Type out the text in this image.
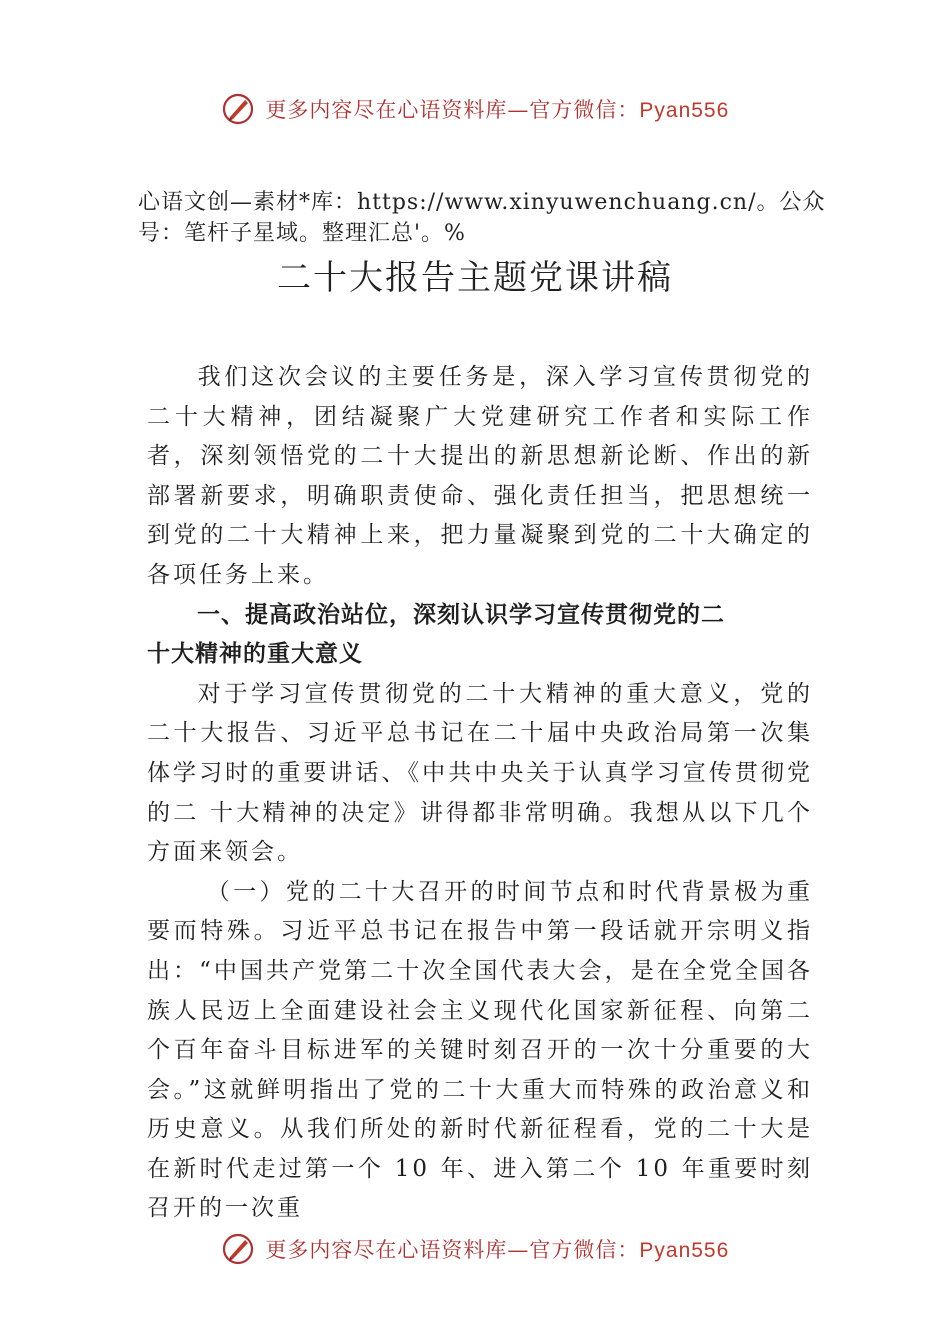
更多内容尽在心语资料库—官方微信：Pyan556
心语文创—素材*库：https://www.xinyuwenchuang.cn/。公众号：笔杆子星域。整理汇总'。%
二十大报告主题党课讲稿

我们这次会议的主要任务是，深入学习宣传贯彻党的二十大精神，团结凝聚广大党建研究工作者和实际工作者，深刻领悟党的二十大提出的新思想新论断、作出的新部署新要求，明确职责使命、强化责任担当，把思想统一到党的二十大精神上来，把力量凝聚到党的二十大确定的各项任务上来。

一、提高政治站位，深刻认识学习宣传贯彻党的二
十大精神的重大意义

对于学习宣传贯彻党的二十大精神的重大意义，党的二十大报告、习近平总书记在二十届中央政治局第一次集体学习时的重要讲话、《中共中央关于认真学习宣传贯彻党的二 十大精神的决定》讲得都非常明确。我想从以下几个方面来领会。

（一）党的二十大召开的时间节点和时代背景极为重要而特殊。习近平总书记在报告中第一段话就开宗明义指出：“中国共产党第二十次全国代表大会，是在全党全国各族人民迈上全面建设社会主义现代化国家新征程、向第二个百年奋斗目标进军的关键时刻召开的一次十分重要的大会。”这就鲜明指出了党的二十大重大而特殊的政治意义和历史意义。从我们所处的新时代新征程看，党的二十大是在新时代走过第一个 10 年、进入第二个 10 年重要时刻召开的一次重

更多内容尽在心语资料库—官方微信：Pyan556
